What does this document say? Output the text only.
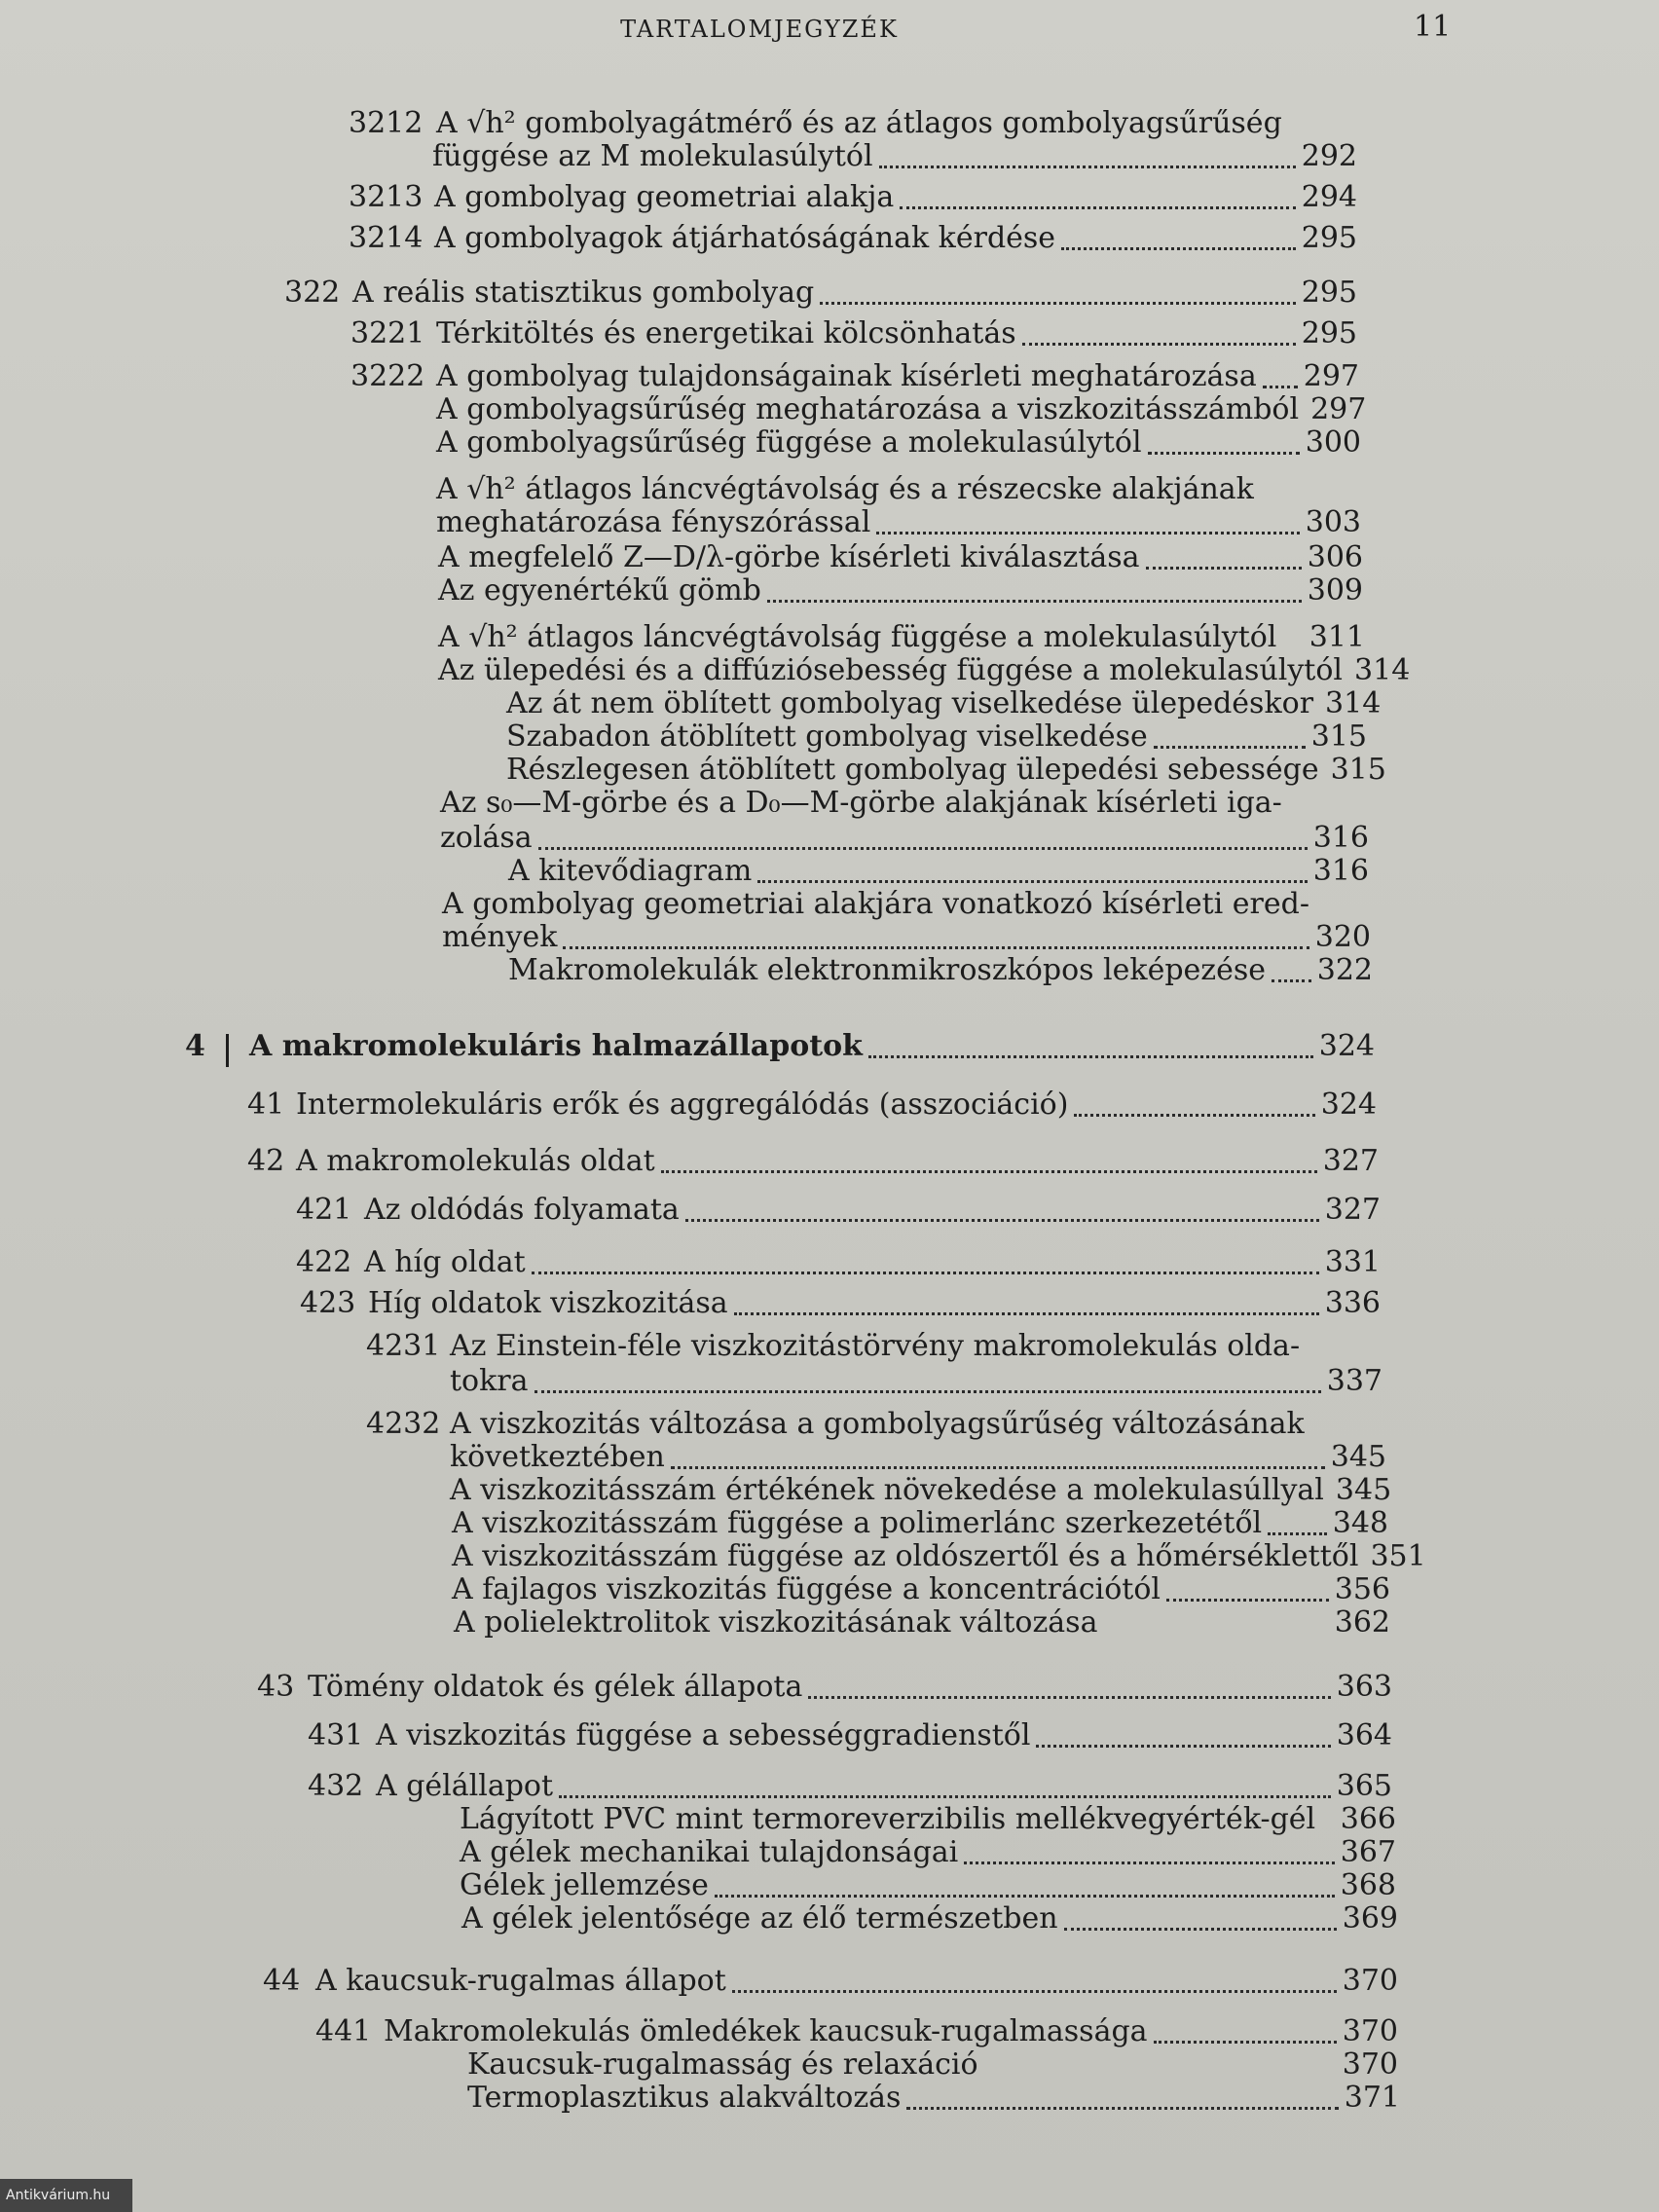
TARTALOMJEGYZÉK	11
3212 A √h² gombolyagátmérő és az átlagos gombolyagsűrűség
függése az M molekulasúlytól	292
3213 A gombolyag geometriai alakja	294
3214 A gombolyagok átjárhatóságának kérdése	295
322 A reális statisztikus gombolyag	295
3221 Térkitöltés és energetikai kölcsönhatás	295
3222 A gombolyag tulajdonságainak kísérleti meghatározása 297
A gombolyagsűrűség meghatározása a viszkozitásszámból 297
A gombolyagsűrűség függése a molekulasúlytól	300
A √h² átlagos láncvégtávolság és a részecske alakjának
meghatározása fényszórással	303
A megfelelő Z—D/λ-görbe kísérleti kiválasztása	306
Az egyenértékű gömb	309
A √h² átlagos láncvégtávolság függése a molekulasúlytól 311
Az ülepedési és a diffúziósebesség függése a molekulasúlytól 314
Az át nem öblített gombolyag viselkedése ülepedéskor 314
Szabadon átöblített gombolyag viselkedése	315
Részlegesen átöblített gombolyag ülepedési sebessége 315
Az s₀—M-görbe és a D₀—M-görbe alakjának kísérleti iga-
zolása	316
A kitevődiagram	316
A gombolyag geometriai alakjára vonatkozó kísérleti ered-
mények	320
Makromolekulák elektronmikroszkópos leképezése 322
4	A makromolekuláris halmazállapotok	324
41 Intermolekuláris erők és aggregálódás (asszociáció)	324
42 A makromolekulás oldat	327
421 Az oldódás folyamata	327
422 A híg oldat	331
423 Híg oldatok viszkozitása	336
4231 Az Einstein-féle viszkozitástörvény makromolekulás olda-
tokra	337
4232 A viszkozitás változása a gombolyagsűrűség változásának
következtében	345
A viszkozitásszám értékének növekedése a molekulasúllyal 345
A viszkozitásszám függése a polimerlánc szerkezetétől 348
A viszkozitásszám függése az oldószertől és a hőmérséklettől 351
A fajlagos viszkozitás függése a koncentrációtól	356
A polielektrolitok viszkozitásának változása	362
43 Tömény oldatok és gélek állapota	363
431 A viszkozitás függése a sebességgradienstől	364
432 A gélállapot	365
Lágyított PVC mint termoreverzibilis mellékvegyérték-gél 366
A gélek mechanikai tulajdonságai	367
Gélek jellemzése	368
A gélek jelentősége az élő természetben	369
44 A kaucsuk-rugalmas állapot	370
441 Makromolekulás ömledékek kaucsuk-rugalmassága	370
Kaucsuk-rugalmasság és relaxáció	370
Termoplasztikus alakváltozás	371
Antikvárium.hu
